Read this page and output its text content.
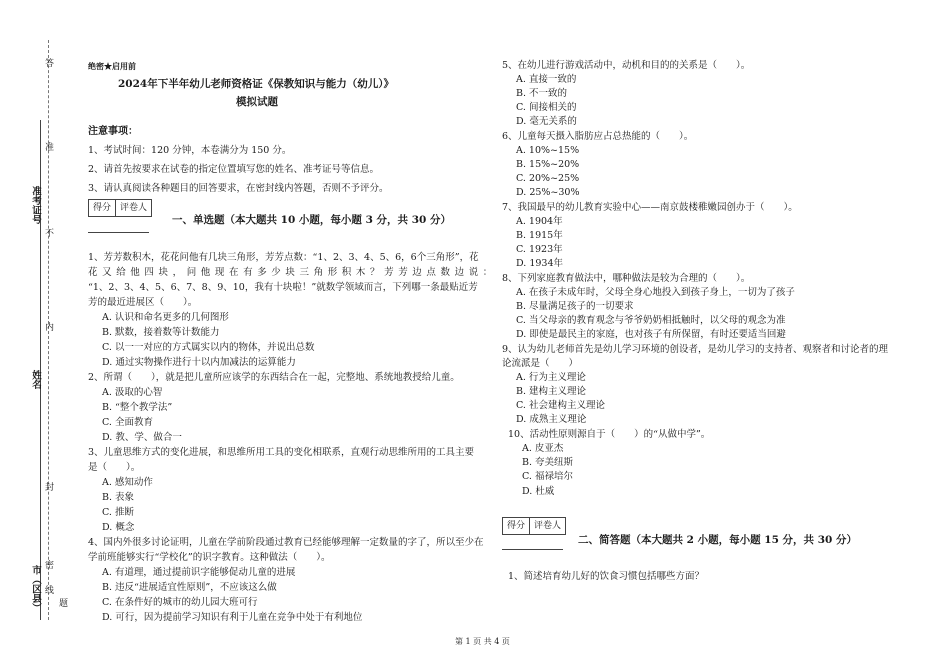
答
准
不
内
封
密
线
题
准考证号
姓名
市（区县）
绝密★启用前
2024年下半年幼儿老师资格证《保教知识与能力（幼儿）》
模拟试题
注意事项：
1、考试时间：120 分钟，本卷满分为 150 分。
2、请首先按要求在试卷的指定位置填写您的姓名、准考证号等信息。
3、请认真阅读各种题目的回答要求，在密封线内答题，否则不予评分。
得分	评卷人
一、单选题（本大题共 10 小题，每小题 3 分，共 30 分）
1、芳芳数积木，花花问他有几块三角形，芳芳点数：“1、2、3、4、5、6，6个三角形”，花
花又给他四块，问他现在有多少块三角形积木？芳芳边点数边说：
“1、2、3、4、5、6、7、8、9、10，我有十块啦！”就数学领域而言，下列哪一条最贴近芳
芳的最近进展区（　　）。
A. 认识和命名更多的几何图形
B. 默数，接着数等计数能力
C. 以一一对应的方式属实以内的物体，并说出总数
D. 通过实物操作进行十以内加减法的运算能力
2、所谓（　　），就是把儿童所应该学的东西结合在一起，完整地、系统地教授给儿童。
A. 汲取的心智
B. “整个教学法”
C. 全面教育
D. 教、学、做合一
3、儿童思维方式的变化进展，和思维所用工具的变化相联系，直观行动思维所用的工具主要
是（　　）。
A. 感知动作
B. 表象
C. 推断
D. 概念
4、国内外很多讨论证明，儿童在学前阶段通过教育已经能够理解一定数量的字了，所以至少在
学前班能够实行“学校化”的识字教育。这种做法（　　）。
A. 有道理，通过提前识字能够促动儿童的进展
B. 违反“进展适宜性原则”，不应该这么做
C. 在条件好的城市的幼儿园大班可行
D. 可行，因为提前学习知识有利于儿童在竞争中处于有利地位
5、在幼儿进行游戏活动中，动机和目的的关系是（　　）。
A. 直接一致的
B. 不一致的
C. 间接相关的
D. 毫无关系的
6、儿童每天摄入脂肪应占总热能的（　　）。
A. 10%~15%
B. 15%~20%
C. 20%~25%
D. 25%~30%
7、我国最早的幼儿教育实验中心——南京鼓楼稚嫩园创办于（　　）。
A. 1904年
B. 1915年
C. 1923年
D. 1934年
8、下列家庭教育做法中，哪种做法是较为合理的（　　）。
A. 在孩子未成年时，父母全身心地投入到孩子身上，一切为了孩子
B. 尽量满足孩子的一切要求
C. 当父母亲的教育观念与爷爷奶奶相抵触时，以父母的观念为准
D. 即使是最民主的家庭，也对孩子有所保留，有时还要适当回避
9、认为幼儿老师首先是幼儿学习环境的创设者，是幼儿学习的支持者、观察者和讨论者的理
论流派是（　　）
A. 行为主义理论
B. 建构主义理论
C. 社会建构主义理论
D. 成熟主义理论
10、活动性原则源自于（　　）的“从做中学”。
A. 皮亚杰
B. 夸美纽斯
C. 福禄培尔
D. 杜威
得分	评卷人
二、简答题（本大题共 2 小题，每小题 15 分，共 30 分）
1、简述培育幼儿好的饮食习惯包括哪些方面？
第 1 页 共 4 页
